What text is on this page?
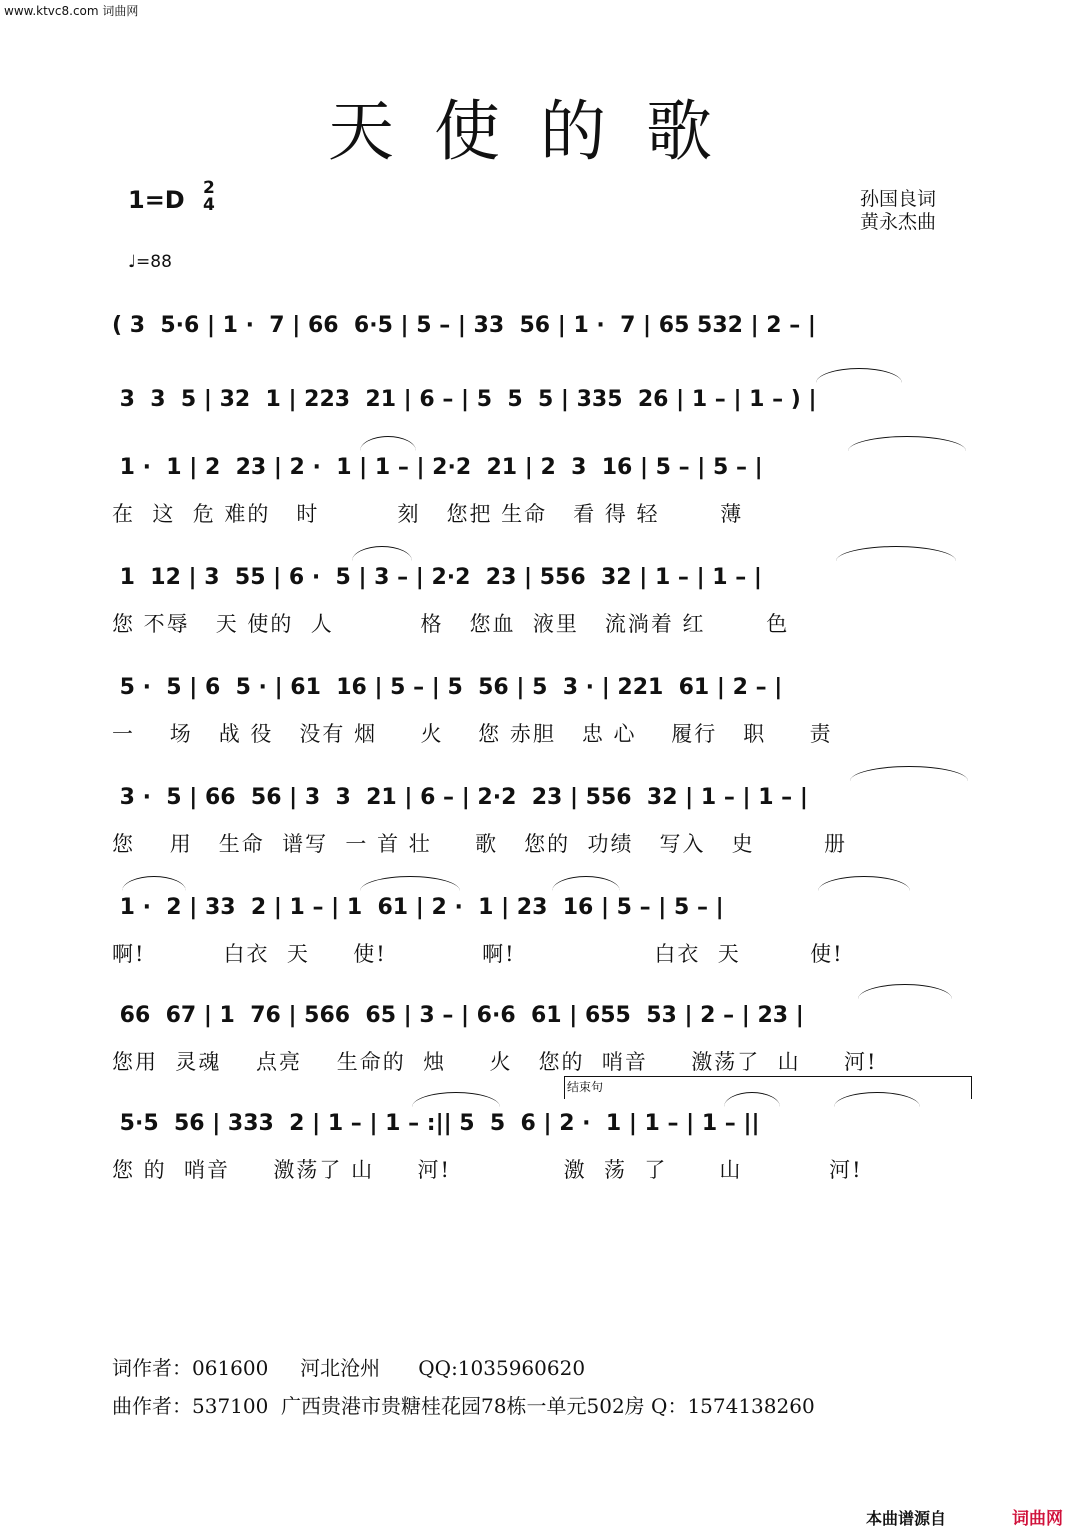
www.ktvc8.com 词曲网
天使的歌
1=D 2
4
♩=88
孙国良词
黄永杰曲
( 3  5·6 | 1 ·  7 | 66  6·5 | 5 – | 33  56 | 1 ·  7 | 65 532 | 2 – |
3  3  5 | 32  1 | 223  21 | 6 – | 5  5  5 | 335  26 | 1 – | 1 – ) |
1 ·  1 | 2  23 | 2 ·  1 | 1 – | 2·2  21 | 2  3  16 | 5 – | 5 – |
在  这  危 难的   时         刻   您把 生命   看 得 轻       薄
1  12 | 3  55 | 6 ·  5 | 3 – | 2·2  23 | 556  32 | 1 – | 1 – |
您 不辱   天 使的  人          格   您血  液里   流淌着 红       色
5 ·  5 | 6  5 · | 61  16 | 5 – | 5  56 | 5  3 · | 221  61 | 2 – |
一    场   战 役   没有 烟     火    您 赤胆   忠 心    履行   职     责
3 ·  5 | 66  56 | 3  3  21 | 6 – | 2·2  23 | 556  32 | 1 – | 1 – |
您    用   生命  谱写  一 首 壮     歌   您的  功绩   写入   史        册
1 ·  2 | 33  2 | 1 – | 1  61 | 2 ·  1 | 23  16 | 5 – | 5 – |
啊!         白衣  天     使!           啊!                白衣  天        使!
66  67 | 1  76 | 566  65 | 3 – | 6·6  61 | 655  53 | 2 – | 23 |
您用  灵魂    点亮    生命的  烛     火   您的  哨音     激荡了  山     河!
结束句
5·5  56 | 333  2 | 1 – | 1 – :|| 5  5  6 | 2 ·  1 | 1 – | 1 – ||
您 的  哨音     激荡了 山     河!             激  荡  了      山          河!
词作者：061600     河北沧州      QQ:1035960620
曲作者：537100  广西贵港市贵糖桂花园78栋一单元502房 Q：1574138260
本曲谱源自	词曲网
